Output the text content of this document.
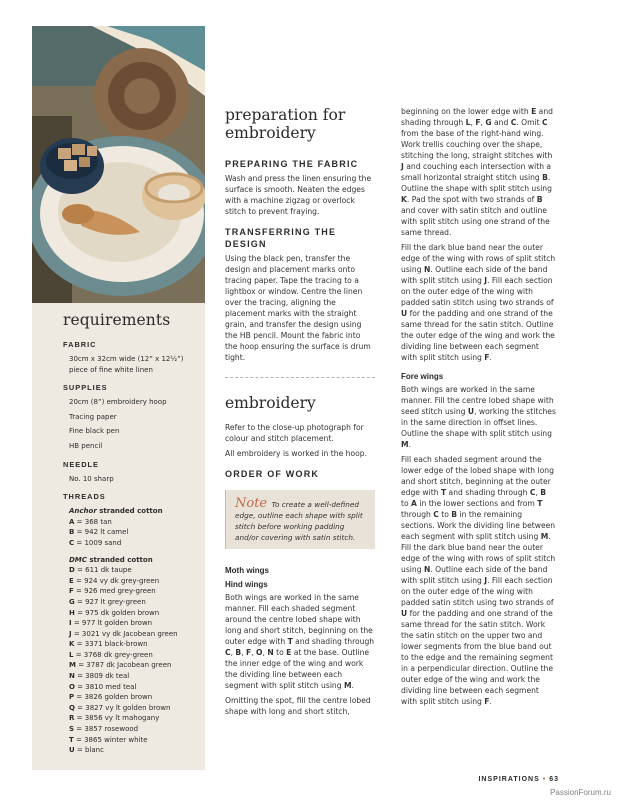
requirements
FABRIC

30cm x 32cm wide (12” x 12½”)

piece of fine white linen

SUPPLIES

20cm (8”) embroidery hoop

Tracing paper

Fine black pen

HB pencil

NEEDLE

No. 10 sharp

THREADS

Anchor stranded cotton

A = 368 tan

B = 942 lt camel

C = 1009 sand

DMC stranded cotton

D = 611 dk taupe

E = 924 vy dk grey-green

F = 926 med grey-green

G = 927 lt grey-green

H = 975 dk golden brown

I = 977 lt golden brown

J = 3021 vy dk Jacobean green

K = 3371 black-brown

L = 3768 dk grey-green

M = 3787 dk Jacobean green

N = 3809 dk teal

O = 3810 med teal

P = 3826 golden brown

Q = 3827 vy lt golden brown

R = 3856 vy lt mahogany

S = 3857 rosewood

T = 3865 winter white

U = blanc

preparation for embroidery
PREPARING THE FABRIC

Wash and press the linen ensuring the surface is smooth. Neaten the edges with a machine zigzag or overlock stitch to prevent fraying.

TRANSFERRING THE DESIGN

Using the black pen, transfer the design and placement marks onto tracing paper. Tape the tracing to a lightbox or window. Centre the linen over the tracing, aligning the placement marks with the straight grain, and transfer the design using the HB pencil. Mount the fabric into the hoop ensuring the surface is drum tight.

embroidery

Refer to the close-up photograph for colour and stitch placement.

All embroidery is worked in the hoop.

ORDER OF WORK
Note To create a well-defined edge, outline each shape with split stitch before working padding and/or covering with satin stitch.
Moth wings
Hind wings

Both wings are worked in the same manner. Fill each shaded segment around the centre lobed shape with long and short stitch, beginning on the outer edge with T and shading through C, B, F, O, N to E at the base. Outline the inner edge of the wing and work the dividing line between each segment with split stitch using M.

Omitting the spot, fill the centre lobed shape with long and short stitch,

beginning on the lower edge with E and shading through L, F, G and C. Omit C from the base of the right-hand wing. Work trellis couching over the shape, stitching the long, straight stitches with J and couching each intersection with a small horizontal straight stitch using B. Outline the shape with split stitch using K. Pad the spot with two strands of B and cover with satin stitch and outline with split stitch using one strand of the same thread.

Fill the dark blue band near the outer edge of the wing with rows of split stitch using N. Outline each side of the band with split stitch using J. Fill each section on the outer edge of the wing with padded satin stitch using two strands of U for the padding and one strand of the same thread for the satin stitch. Outline the outer edge of the wing and work the dividing line between each segment with split stitch using F.

Fore wings

Both wings are worked in the same manner. Fill the centre lobed shape with seed stitch using U, working the stitches in the same direction in offset lines. Outline the shape with split stitch using M.

Fill each shaded segment around the lower edge of the lobed shape with long and short stitch, beginning at the outer edge with T and shading through C, B to A in the lower sections and from T through C to B in the remaining sections. Work the dividing line between each segment with split stitch using M. Fill the dark blue band near the outer edge of the wing with rows of split stitch using N. Outline each side of the band with split stitch using J. Fill each section on the outer edge of the wing with padded satin stitch using two strands of U for the padding and one strand of the same thread for the satin stitch. Work the satin stitch on the upper two and lower segments from the blue band out to the edge and the remaining segment in a perpendicular direction. Outline the outer edge of the wing and work the dividing line between each segment with split stitch using F.

INSPIRATIONS • 63
PassionForum.ru
